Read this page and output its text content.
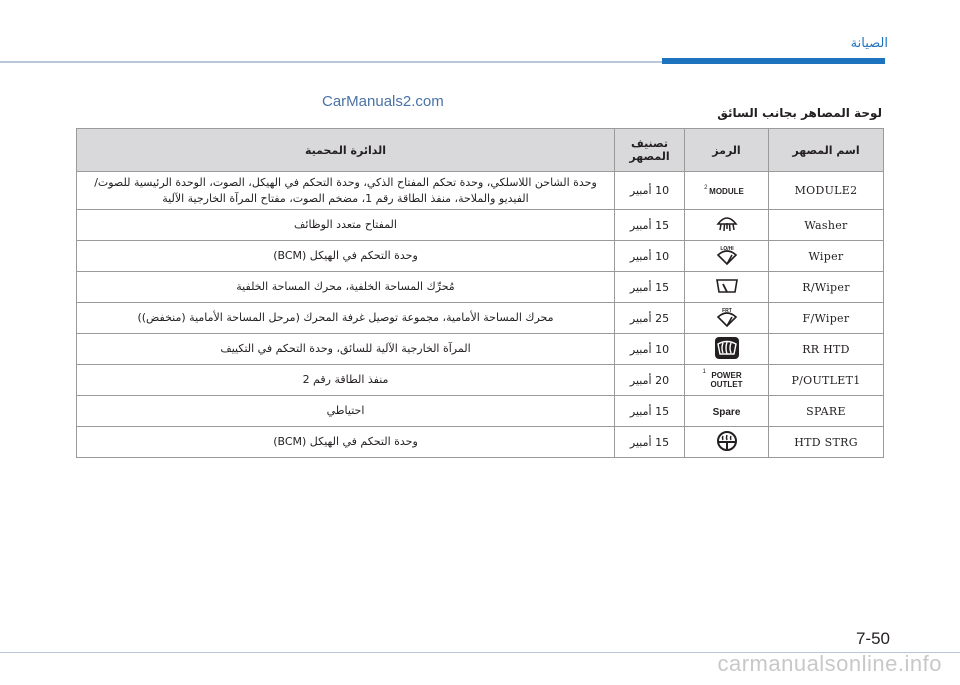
الصيانة
CarManuals2.com
لوحة المصاهر بجانب السائق
اسم المصهر	الرمز	تصنيف المصهر	الدائرة المحمية
MODULE2	2 MODULE	10 أمبير	وحدة الشاحن اللاسلكي، وحدة تحكم المفتاح الذكي، وحدة التحكم في الهيكل، الصوت، الوحدة الرئيسية للصوت/الفيديو والملاحة، منفذ الطاقة رقم 1، مضخم الصوت، مفتاح المرآة الخارجية الآلية
Washer		15 أمبير	المفتاح متعدد الوظائف
Wiper	LO/HI	10 أمبير	وحدة التحكم في الهيكل (BCM)
R/Wiper		15 أمبير	مُحرِّك المساحة الخلفية، محرك المساحة الخلفية
F/Wiper	FRT	25 أمبير	محرك المساحة الأمامية، مجموعة توصيل غرفة المحرك (مرحل المساحة الأمامية (منخفض))
RR HTD		10 أمبير	المرآة الخارجية الآلية للسائق، وحدة التحكم في التكييف
P/OUTLET1	1 POWER OUTLET	20 أمبير	منفذ الطاقة رقم 2
SPARE	Spare	15 أمبير	احتياطي
HTD STRG		15 أمبير	وحدة التحكم في الهيكل (BCM)
7-50
carmanualsonline.info
